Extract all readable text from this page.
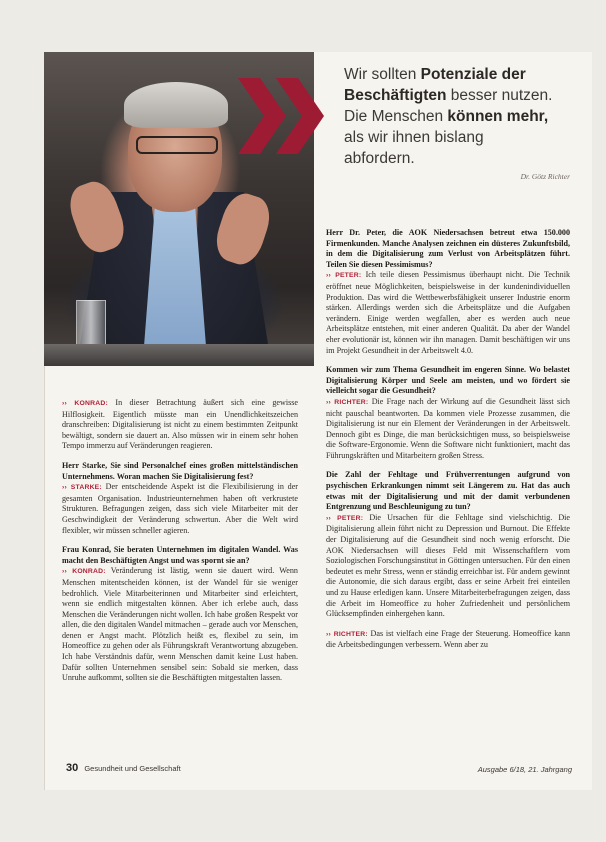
Wir sollten Potenziale der Beschäftigten besser nutzen. Die Menschen können mehr, als wir ihnen bislang abfordern.
Dr. Götz Richter

›› KONRAD: In dieser Betrachtung äußert sich eine gewisse Hilflosigkeit. Eigentlich müsste man ein Unendlichkeitszeichen dranschreiben: Digitalisierung ist nicht zu einem bestimmten Zeitpunkt bewältigt, sondern sie dauert an. Also müssen wir in einem sehr hohen Tempo immerzu auf Veränderungen reagieren.

Herr Starke, Sie sind Personalchef eines großen mittelständischen Unternehmens. Woran machen Sie Digitalisierung fest?
›› STARKE: Der entscheidende Aspekt ist die Flexibilisierung in der gesamten Organisation. Industrieunternehmen haben oft verkrustete Strukturen. Befragungen zeigen, dass sich viele Mitarbeiter mit der Geschwindigkeit der Veränderung schwertun. Aber die Welt wird flexibler, wir müssen schneller agieren.

Frau Konrad, Sie beraten Unternehmen im digitalen Wandel. Was macht den Beschäftigten Angst und was spornt sie an?
›› KONRAD: Veränderung ist lästig, wenn sie dauert wird. Wenn Menschen mitentscheiden können, ist der Wandel für sie weniger bedrohlich. Viele Mitarbeiterinnen und Mitarbeiter sind erleichtert, wenn sie endlich mitgestalten können. Aber ich erlebe auch, dass Menschen die Veränderungen nicht wollen. Ich habe großen Respekt vor allen, die den digitalen Wandel mitmachen – gerade auch vor Menschen, denen er Angst macht. Plötzlich heißt es, flexibel zu sein, im Homeoffice zu gehen oder als Führungskraft Verantwortung abzugeben. Ich habe Verständnis dafür, wenn Menschen damit keine Lust haben. Dafür sollten Unternehmen sensibel sein: Sobald sie merken, dass Unruhe aufkommt, sollten sie die Beschäftigten mitgestalten lassen.

Herr Dr. Peter, die AOK Niedersachsen betreut etwa 150.000 Firmenkunden. Manche Analysen zeichnen ein düsteres Zukunftsbild, in dem die Digitalisierung zum Verlust von Arbeitsplätzen führt. Teilen Sie diesen Pessimismus?
›› PETER: Ich teile diesen Pessimismus überhaupt nicht. Die Technik eröffnet neue Möglichkeiten, beispielsweise in der kundenindividuellen Produktion. Das wird die Wettbewerbsfähigkeit unserer Industrie enorm stärken. Allerdings werden sich die Arbeitsplätze und die Aufgaben verändern. Einige werden wegfallen, aber es werden auch neue Arbeitsplätze entstehen, mit einer anderen Qualität. Da aber der Wandel eher evolutionär ist, können wir ihn managen. Damit beschäftigen wir uns im Projekt Gesundheit in der Arbeitswelt 4.0.

Kommen wir zum Thema Gesundheit im engeren Sinne. Wo belastet Digitalisierung Körper und Seele am meisten, und wo fördert sie vielleicht sogar die Gesundheit?
›› RICHTER: Die Frage nach der Wirkung auf die Gesundheit lässt sich nicht pauschal beantworten. Da kommen viele Prozesse zusammen, die Digitalisierung ist nur ein Element der Veränderungen in der Arbeitswelt. Dennoch gibt es Dinge, die man berücksichtigen muss, so beispielsweise die Software-Ergonomie. Wenn die Software nicht funktioniert, macht das Führungskräften und Mitarbeitern großen Stress.

Die Zahl der Fehltage und Frühverrentungen aufgrund von psychischen Erkrankungen nimmt seit Längerem zu. Hat das auch etwas mit der Digitalisierung und mit der damit verbundenen Entgrenzung und Beschleunigung zu tun?
›› PETER: Die Ursachen für die Fehltage sind vielschichtig. Die Digitalisierung allein führt nicht zu Depression und Burnout. Die Effekte der Digitalisierung auf die Gesundheit sind noch wenig erforscht. Die AOK Niedersachsen will dieses Feld mit Wissenschaftlern vom Soziologischen Forschungsinstitut in Göttingen untersuchen. Für den einen bedeutet es mehr Stress, wenn er ständig erreichbar ist. Für andern gewinnt die Autonomie, die sich daraus ergibt, dass er seine Arbeit frei einteilen und zu Hause erledigen kann. Unsere Mitarbeiterbefragungen zeigen, dass die Arbeit im Homeoffice zu hoher Zufriedenheit und persönlichem Glücksempfinden einhergehen kann.

›› RICHTER: Das ist vielfach eine Frage der Steuerung. Homeoffice kann die Arbeitsbedingungen verbessern. Wenn aber zu

30 Gesundheit und Gesellschaft	Ausgabe 6/18, 21. Jahrgang
